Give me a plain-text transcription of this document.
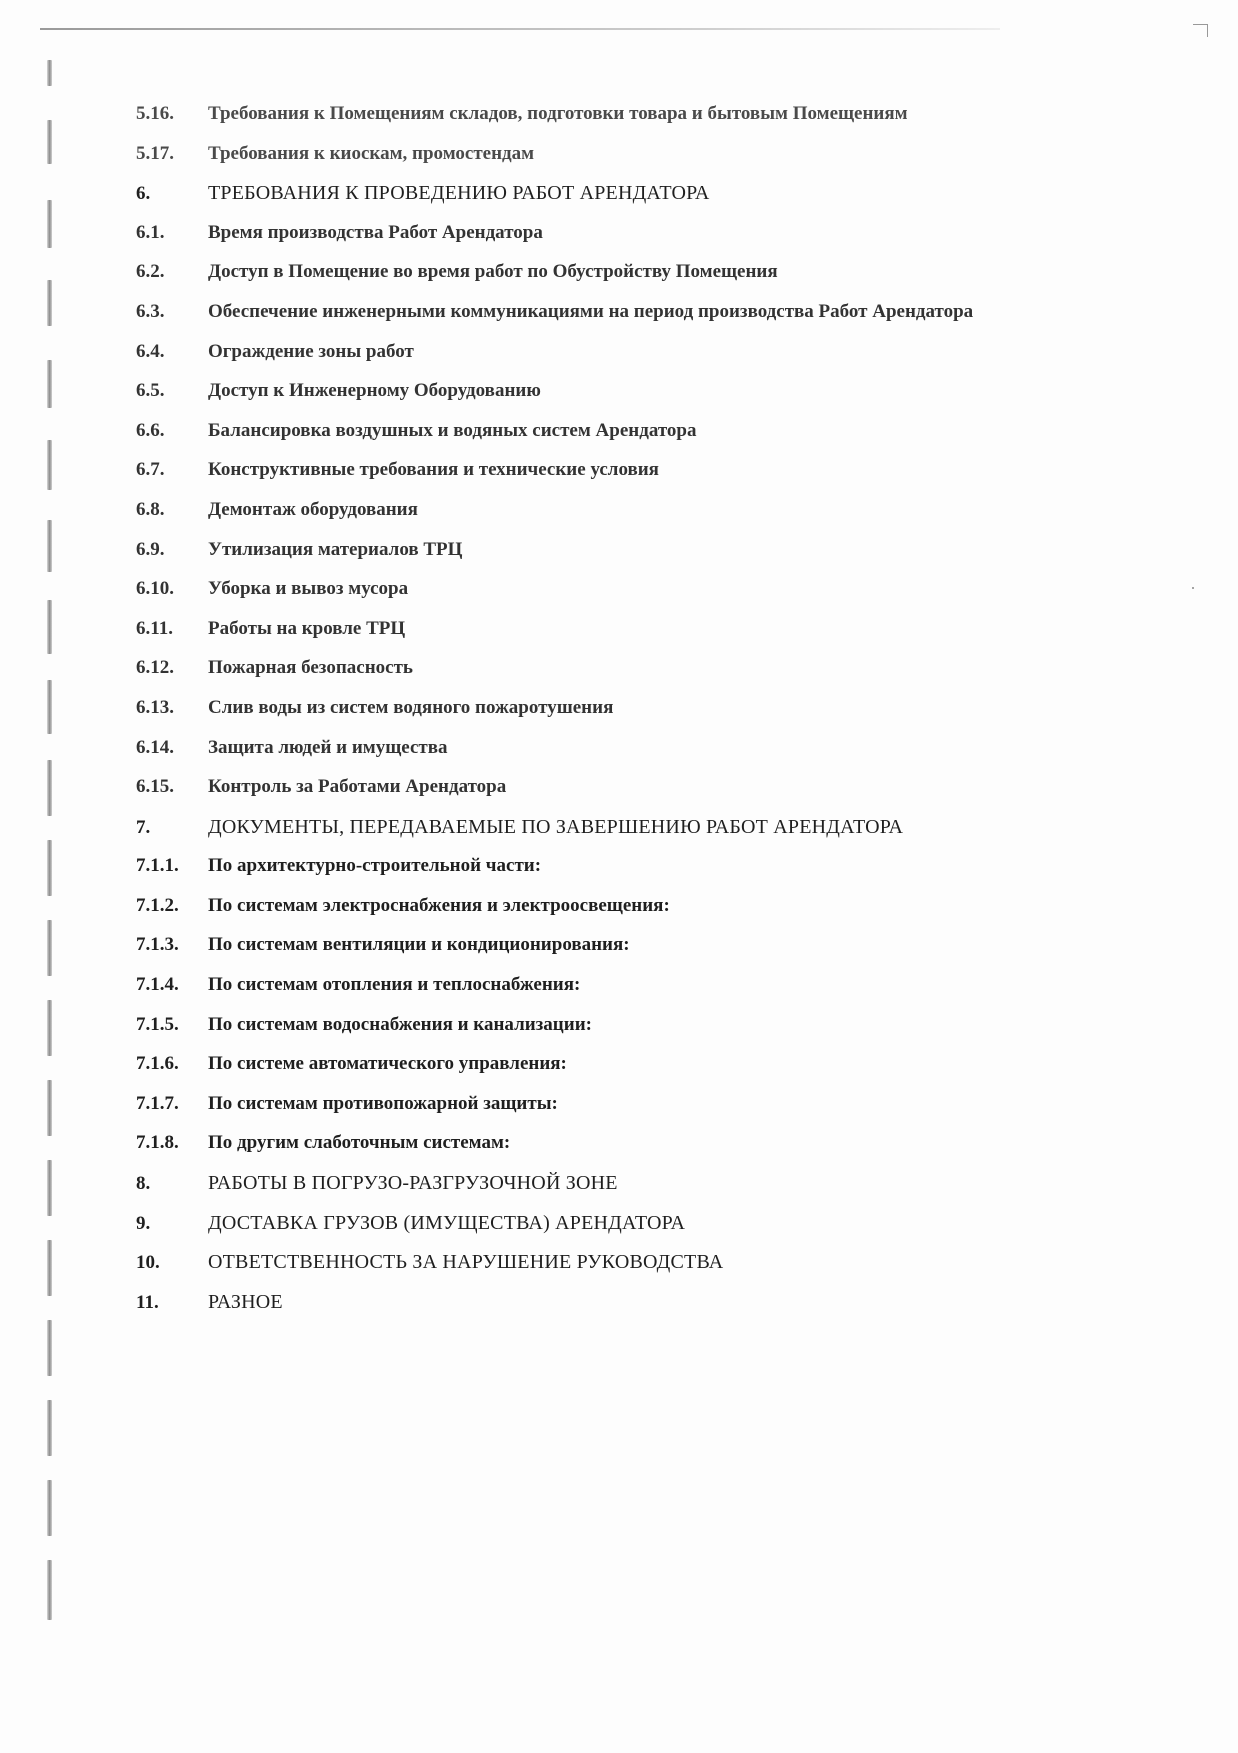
5.16.	Требования к Помещениям складов, подготовки товара и бытовым Помещениям
5.17.	Требования к киоскам, промостендам
6.	ТРЕБОВАНИЯ К ПРОВЕДЕНИЮ РАБОТ АРЕНДАТОРА
6.1.	Время производства Работ Арендатора
6.2.	Доступ в Помещение во время работ по Обустройству Помещения
6.3.	Обеспечение инженерными коммуникациями на период производства Работ Арендатора
6.4.	Ограждение зоны работ
6.5.	Доступ к Инженерному Оборудованию
6.6.	Балансировка воздушных и водяных систем Арендатора
6.7.	Конструктивные требования и технические условия
6.8.	Демонтаж оборудования
6.9.	Утилизация материалов ТРЦ
6.10.	Уборка и вывоз мусора
6.11.	Работы на кровле ТРЦ
6.12.	Пожарная безопасность
6.13.	Слив воды из систем водяного пожаротушения
6.14.	Защита людей и имущества
6.15.	Контроль за Работами Арендатора
7.	ДОКУМЕНТЫ, ПЕРЕДАВАЕМЫЕ ПО ЗАВЕРШЕНИЮ РАБОТ АРЕНДАТОРА
7.1.1.	По архитектурно-строительной части:
7.1.2.	По системам электроснабжения и электроосвещения:
7.1.3.	По системам вентиляции и кондиционирования:
7.1.4.	По системам отопления и теплоснабжения:
7.1.5.	По системам водоснабжения и канализации:
7.1.6.	По системе автоматического управления:
7.1.7.	По системам противопожарной защиты:
7.1.8.	По другим слаботочным системам:
8.	РАБОТЫ В ПОГРУЗО-РАЗГРУЗОЧНОЙ ЗОНЕ
9.	ДОСТАВКА ГРУЗОВ (ИМУЩЕСТВА) АРЕНДАТОРА
10.	ОТВЕТСТВЕННОСТЬ ЗА НАРУШЕНИЕ РУКОВОДСТВА
11.	РАЗНОЕ
